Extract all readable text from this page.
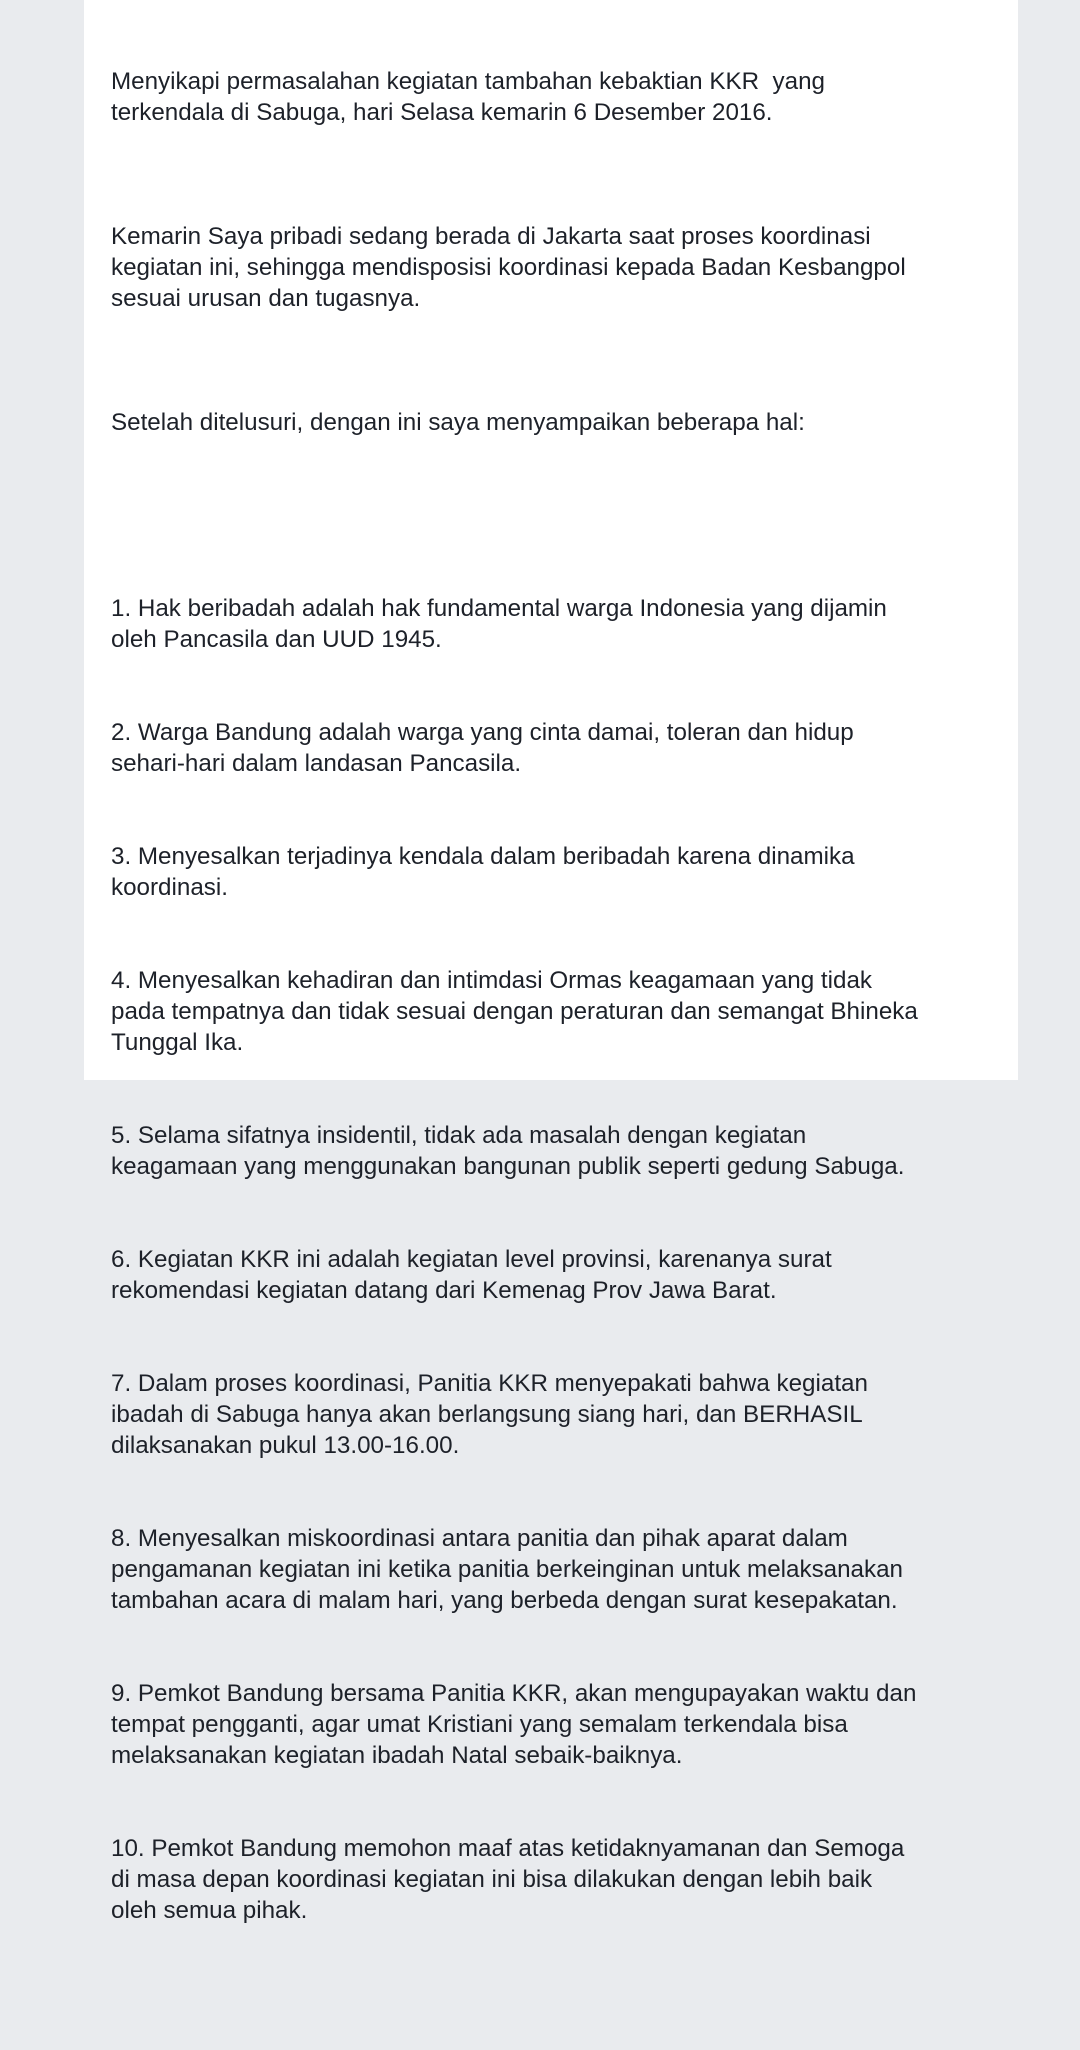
Menyikapi permasalahan kegiatan tambahan kebaktian KKR  yang
terkendala di Sabuga, hari Selasa kemarin 6 Desember 2016.

Kemarin Saya pribadi sedang berada di Jakarta saat proses koordinasi
kegiatan ini, sehingga mendisposisi koordinasi kepada Badan Kesbangpol
sesuai urusan dan tugasnya.

Setelah ditelusuri, dengan ini saya menyampaikan beberapa hal:

1. Hak beribadah adalah hak fundamental warga Indonesia yang dijamin
oleh Pancasila dan UUD 1945.

2. Warga Bandung adalah warga yang cinta damai, toleran dan hidup
sehari-hari dalam landasan Pancasila.

3. Menyesalkan terjadinya kendala dalam beribadah karena dinamika
koordinasi.

4. Menyesalkan kehadiran dan intimdasi Ormas keagamaan yang tidak
pada tempatnya dan tidak sesuai dengan peraturan dan semangat Bhineka
Tunggal Ika.

5. Selama sifatnya insidentil, tidak ada masalah dengan kegiatan
keagamaan yang menggunakan bangunan publik seperti gedung Sabuga.

6. Kegiatan KKR ini adalah kegiatan level provinsi, karenanya surat
rekomendasi kegiatan datang dari Kemenag Prov Jawa Barat.

7. Dalam proses koordinasi, Panitia KKR menyepakati bahwa kegiatan
ibadah di Sabuga hanya akan berlangsung siang hari, dan BERHASIL
dilaksanakan pukul 13.00-16.00.

8. Menyesalkan miskoordinasi antara panitia dan pihak aparat dalam
pengamanan kegiatan ini ketika panitia berkeinginan untuk melaksanakan
tambahan acara di malam hari, yang berbeda dengan surat kesepakatan.

9. Pemkot Bandung bersama Panitia KKR, akan mengupayakan waktu dan
tempat pengganti, agar umat Kristiani yang semalam terkendala bisa
melaksanakan kegiatan ibadah Natal sebaik-baiknya.

10. Pemkot Bandung memohon maaf atas ketidaknyamanan dan Semoga
di masa depan koordinasi kegiatan ini bisa dilakukan dengan lebih baik
oleh semua pihak.
